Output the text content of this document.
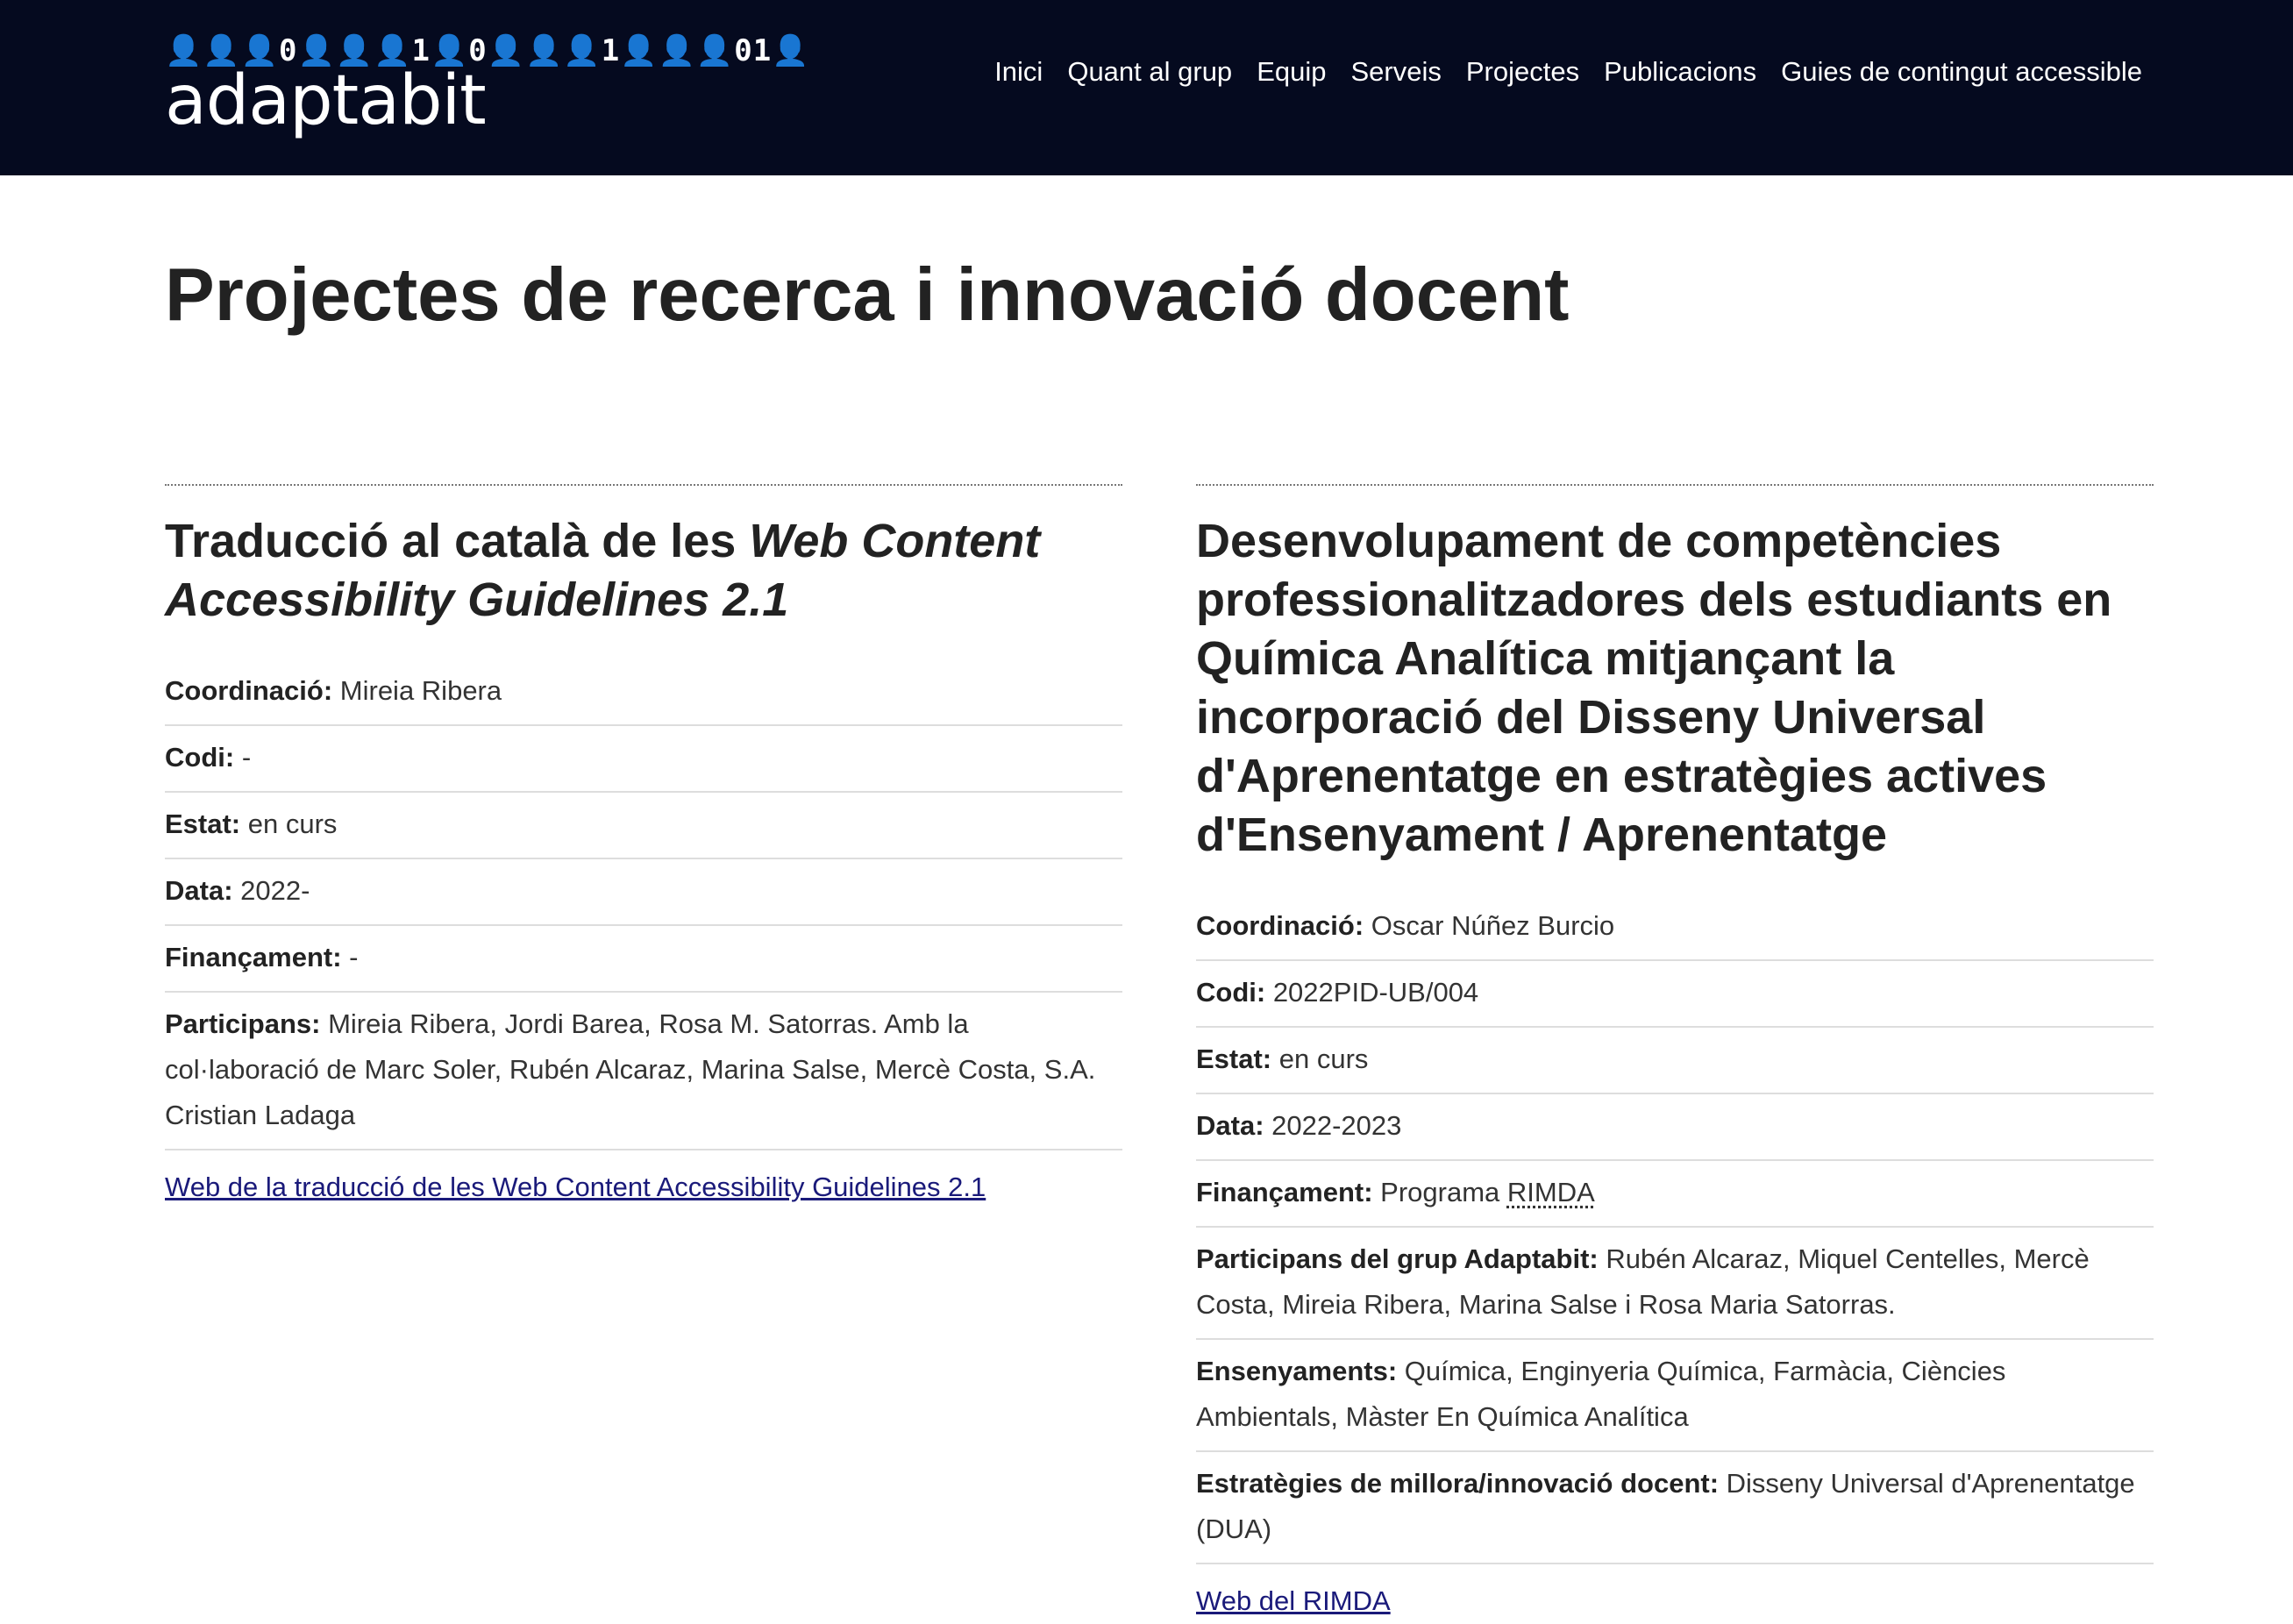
👤👤👤0👤👤👤1👤0👤👤👤1👤👤👤01👤
adaptabit	Inici Quant al grup Equip Serveis Projectes Publicacions Guies de contingut accessible
Projectes de recerca i innovació docent
Traducció al català de les Web Content Accessibility Guidelines 2.1

Coordinació: Mireia Ribera

Codi: -

Estat: en curs

Data: 2022-

Finançament: -

Participans: Mireia Ribera, Jordi Barea, Rosa M. Satorras. Amb la col·laboració de Marc Soler, Rubén Alcaraz, Marina Salse, Mercè Costa, S.A. Cristian Ladaga

Web de la traducció de les Web Content Accessibility Guidelines 2.1
Desenvolupament de competències professionalitzadores dels estudiants en Química Analítica mitjançant la incorporació del Disseny Universal d'Aprenentatge en estratègies actives d'Ensenyament / Aprenentatge

Coordinació: Oscar Núñez Burcio

Codi: 2022PID-UB/004

Estat: en curs

Data: 2022-2023

Finançament: Programa RIMDA

Participans del grup Adaptabit: Rubén Alcaraz, Miquel Centelles, Mercè Costa, Mireia Ribera, Marina Salse i Rosa Maria Satorras.

Ensenyaments: Química, Enginyeria Química, Farmàcia, Ciències Ambientals, Màster En Química Analítica

Estratègies de millora/innovació docent: Disseny Universal d'Aprenentatge (DUA)

Web del RIMDA
